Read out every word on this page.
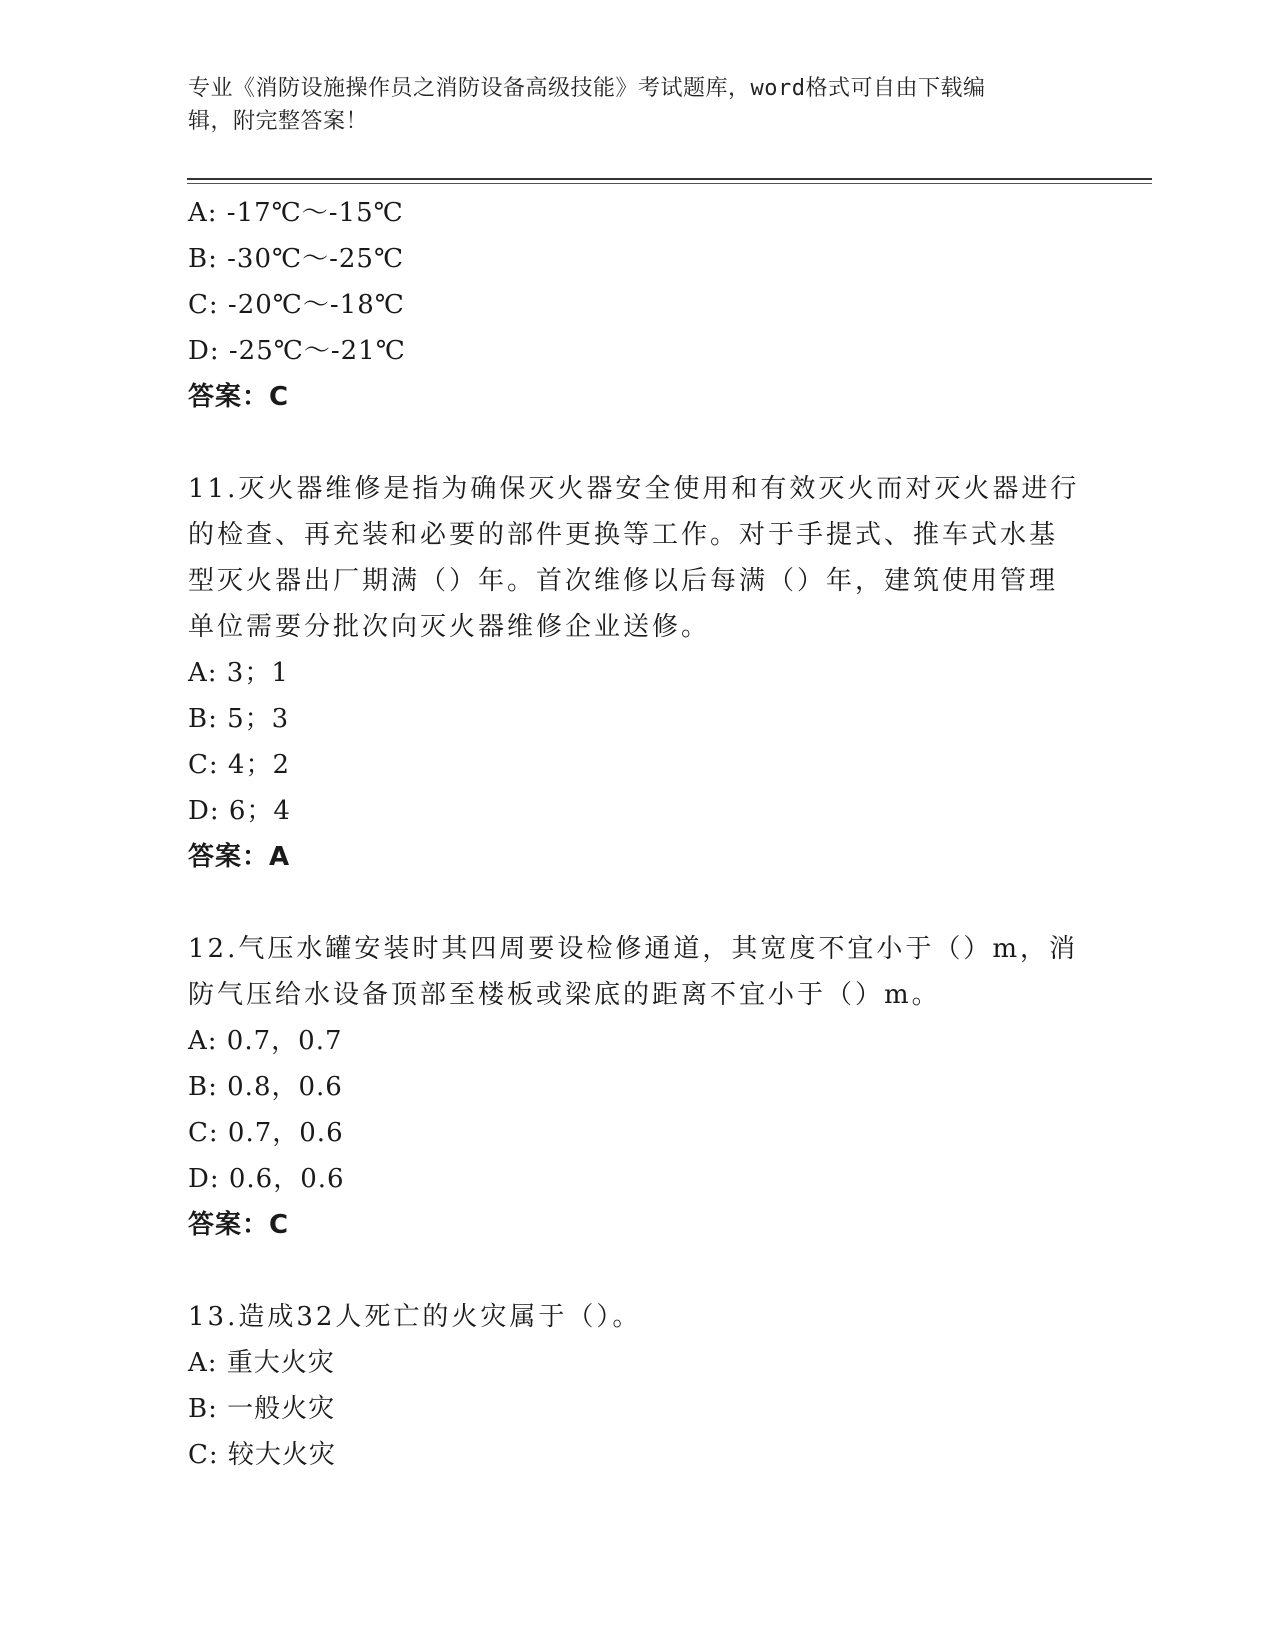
专业《消防设施操作员之消防设备高级技能》考试题库，word格式可自由下载编
辑，附完整答案！
A: -17℃～-15℃
B: -30℃～-25℃
C: -20℃～-18℃
D: -25℃～-21℃
答案：C
11.灭火器维修是指为确保灭火器安全使用和有效灭火而对灭火器进行
的检查、再充装和必要的部件更换等工作。对于手提式、推车式水基
型灭火器出厂期满（）年。首次维修以后每满（）年，建筑使用管理
单位需要分批次向灭火器维修企业送修。
A: 3；1
B: 5；3
C: 4；2
D: 6；4
答案：A
12.气压水罐安装时其四周要设检修通道，其宽度不宜小于（）m，消
防气压给水设备顶部至楼板或梁底的距离不宜小于（）m。
A: 0.7，0.7
B: 0.8，0.6
C: 0.7，0.6
D: 0.6，0.6
答案：C
13.造成32人死亡的火灾属于（）。
A: 重大火灾
B: 一般火灾
C: 较大火灾
